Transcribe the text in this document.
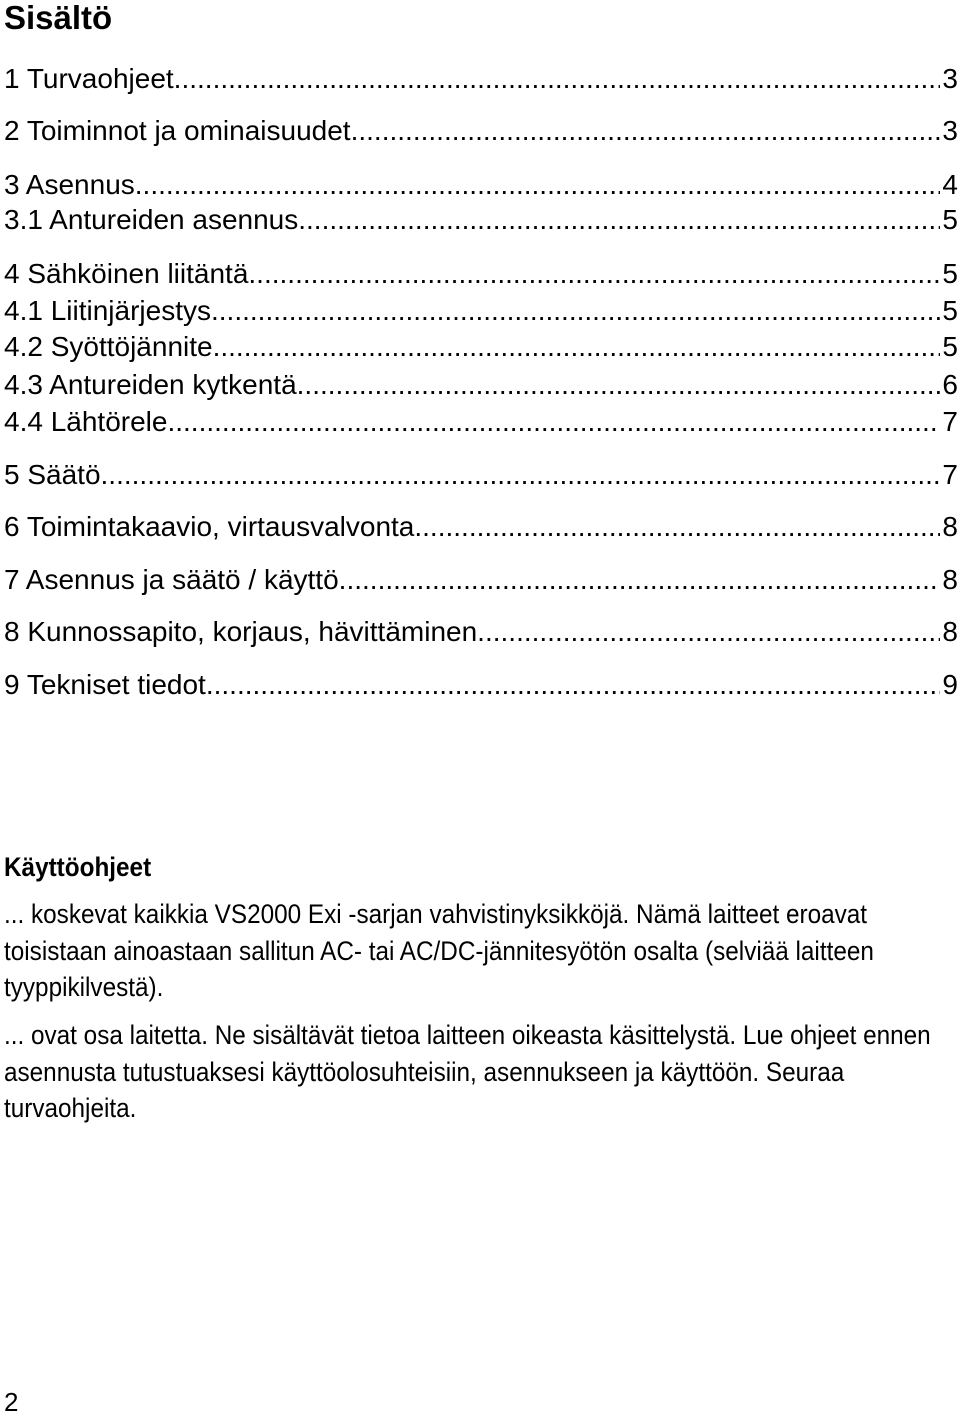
Sisältö
1 Turvaohjeet .....	3
2 Toiminnot ja ominaisuudet .....	3
3 Asennus .....	4
3.1 Antureiden asennus .....	5
4 Sähköinen liitäntä .....	5
4.1 Liitinjärjestys .....	5
4.2 Syöttöjännite .....	5
4.3 Antureiden kytkentä .....	6
4.4 Lähtörele .....	7
5 Säätö .....	7
6 Toimintakaavio, virtausvalvonta .....	8
7 Asennus ja säätö / käyttö .....	8
8 Kunnossapito, korjaus, hävittäminen .....	8
9 Tekniset tiedot .....	9
Käyttöohjeet

... koskevat kaikkia VS2000 Exi -sarjan vahvistinyksikköjä. Nämä laitteet eroavat toisistaan ainoastaan sallitun AC- tai AC/DC-jännitesyötön osalta (selviää laitteen tyyppikilvestä).

... ovat osa laitetta. Ne sisältävät tietoa laitteen oikeasta käsittelystä. Lue ohjeet ennen asennusta tutustuaksesi käyttöolosuhteisiin, asennukseen ja käyttöön. Seuraa turvaohjeita.

2
